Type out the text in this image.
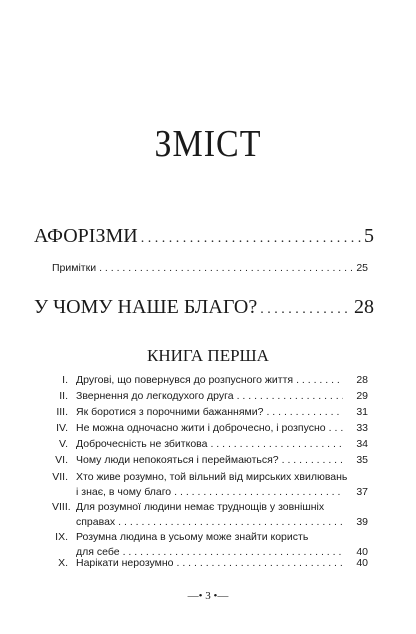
ЗМІСТ
АФОРІЗМИ . . .	5
Примітки . . .	25
У ЧОМУ НАШЕ БЛАГО? . . .	28
КНИГА ПЕРША
I. Друговi, що повернувся до розпусного життя . . .	28
II. Звернення до легкодухого друга . . .	29
III. Як боротися з порочними бажаннями? . . .	31
IV. Не можна одночасно жити і доброчесно, і розпусно . . .	33
V. Доброчесність не збиткова . . .	34
VI. Чому люди непокояться і переймаються? . . .	35
VII. Хто живе розумно, той вільний від мирських хвилювань
і знає, в чому благо . . .	37
VIII. Для розумної людини немає труднощів у зовнішніх
справах . . .	39
IX. Розумна людина в усьому може знайти користь
для себе . . .	40
X. Нарікати нерозумно . . .	40
—• 3 •—
